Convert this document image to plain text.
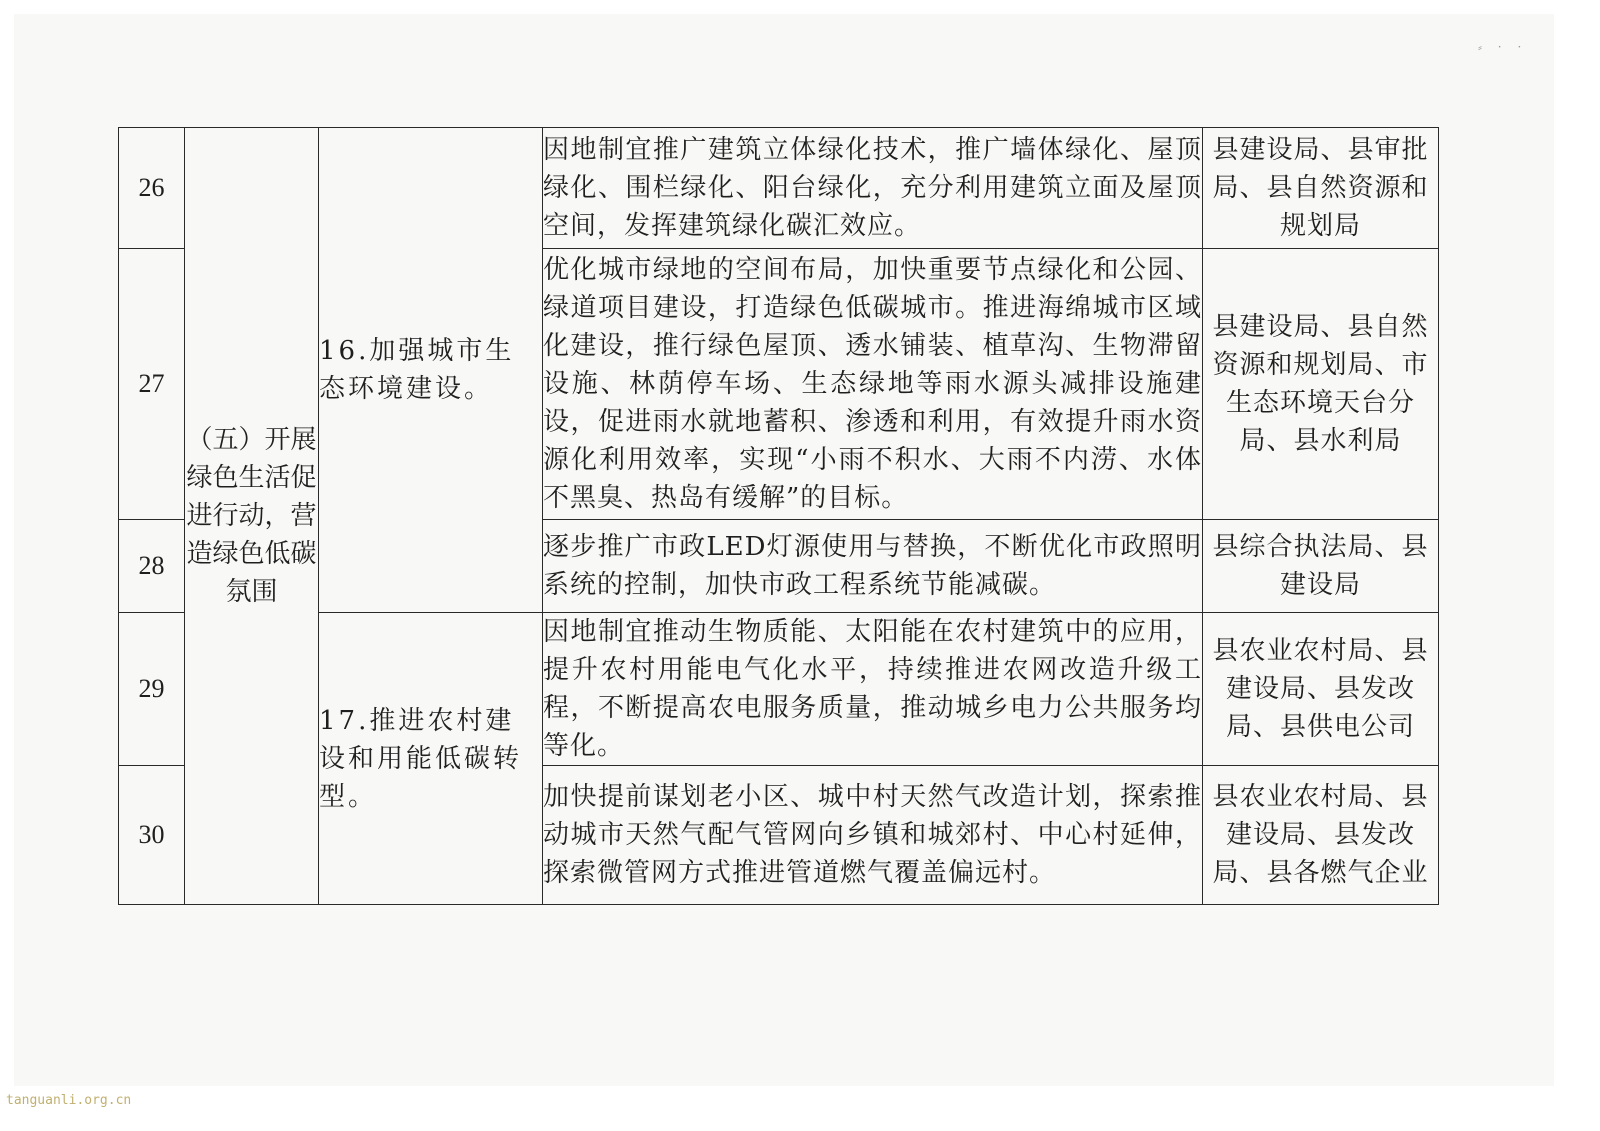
⸗ · ·
26	（五）开展绿色生活促进行动，营造绿色低碳氛围	16.加强城市生态环境建设。	因地制宜推广建筑立体绿化技术，推广墙体绿化、屋顶绿化、围栏绿化、阳台绿化，充分利用建筑立面及屋顶空间，发挥建筑绿化碳汇效应。	县建设局、县审批局、县自然资源和规划局
27			优化城市绿地的空间布局，加快重要节点绿化和公园、绿道项目建设，打造绿色低碳城市。推进海绵城市区域化建设，推行绿色屋顶、透水铺装、植草沟、生物滞留设施、林荫停车场、生态绿地等雨水源头减排设施建设，促进雨水就地蓄积、渗透和利用，有效提升雨水资源化利用效率，实现“小雨不积水、大雨不内涝、水体不黑臭、热岛有缓解”的目标。	县建设局、县自然资源和规划局、市生态环境天台分局、县水利局
28			逐步推广市政LED灯源使用与替换，不断优化市政照明系统的控制，加快市政工程系统节能减碳。	县综合执法局、县建设局
29		17.推进农村建设和用能低碳转型。	因地制宜推动生物质能、太阳能在农村建筑中的应用，提升农村用能电气化水平，持续推进农网改造升级工程，不断提高农电服务质量，推动城乡电力公共服务均等化。	县农业农村局、县建设局、县发改局、县供电公司
30			加快提前谋划老小区、城中村天然气改造计划，探索推动城市天然气配气管网向乡镇和城郊村、中心村延伸，探索微管网方式推进管道燃气覆盖偏远村。	县农业农村局、县建设局、县发改局、县各燃气企业
tanguanli.org.cn
